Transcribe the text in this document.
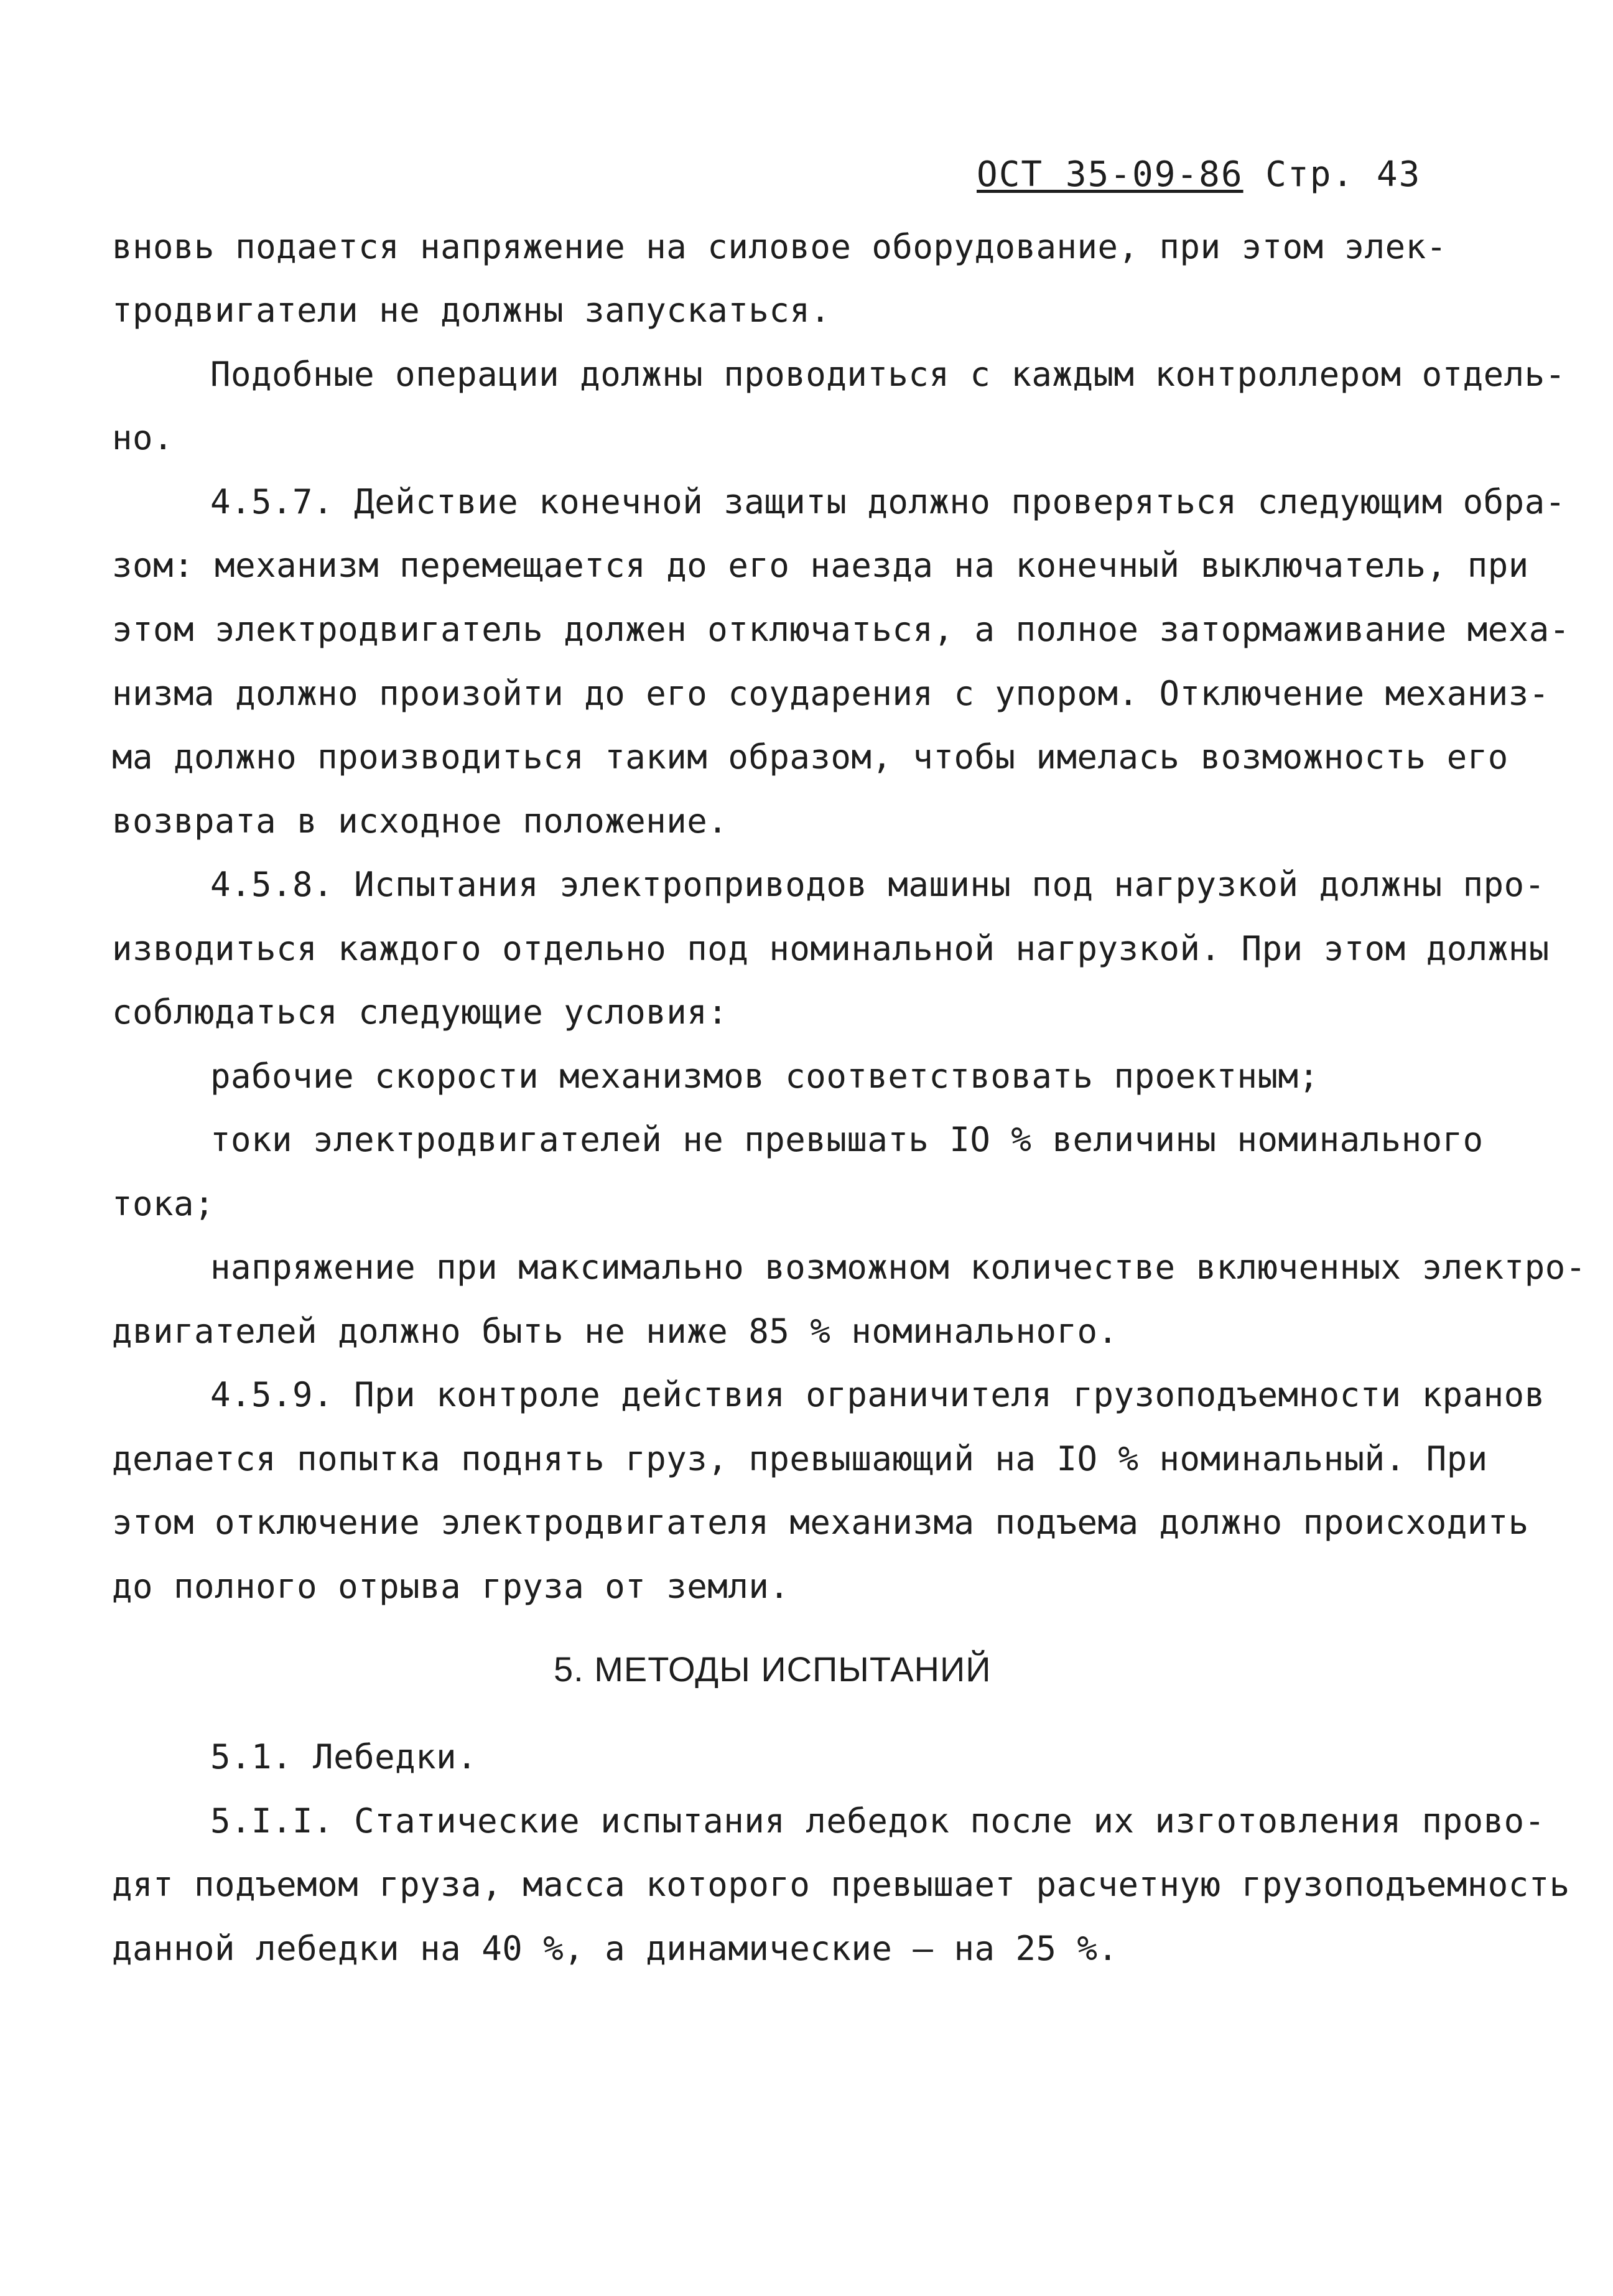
ОСТ 35-09-86 Стр. 43
вновь подается напряжение на силовое оборудование, при этом элек-
тродвигатели не должны запускаться.
Подобные операции должны проводиться с каждым контроллером отдель-
но.
4.5.7. Действие конечной защиты должно проверяться следующим обра-
зом: механизм перемещается до его наезда на конечный выключатель, при
этом электродвигатель должен отключаться, а полное затормаживание меха-
низма должно произойти до его соударения с упором. Отключение механиз-
ма должно производиться таким образом, чтобы имелась возможность его
возврата в исходное положение.
4.5.8. Испытания электроприводов машины под нагрузкой должны про-
изводиться каждого отдельно под номинальной нагрузкой. При этом должны
соблюдаться следующие условия:
рабочие скорости механизмов соответствовать проектным;
токи электродвигателей не превышать IO % величины номинального
тока;
напряжение при максимально возможном количестве включенных электро-
двигателей должно быть не ниже 85 % номинального.
4.5.9. При контроле действия ограничителя грузоподъемности кранов
делается попытка поднять груз, превышающий на IO % номинальный. При
этом отключение электродвигателя механизма подъема должно происходить
до полного отрыва груза от земли.
5. МЕТОДЫ ИСПЫТАНИЙ
5.1. Лебедки.
5.I.I. Статические испытания лебедок после их изготовления прово-
дят подъемом груза, масса которого превышает расчетную грузоподъемность
данной лебедки на 40 %, а динамические – на 25 %.
